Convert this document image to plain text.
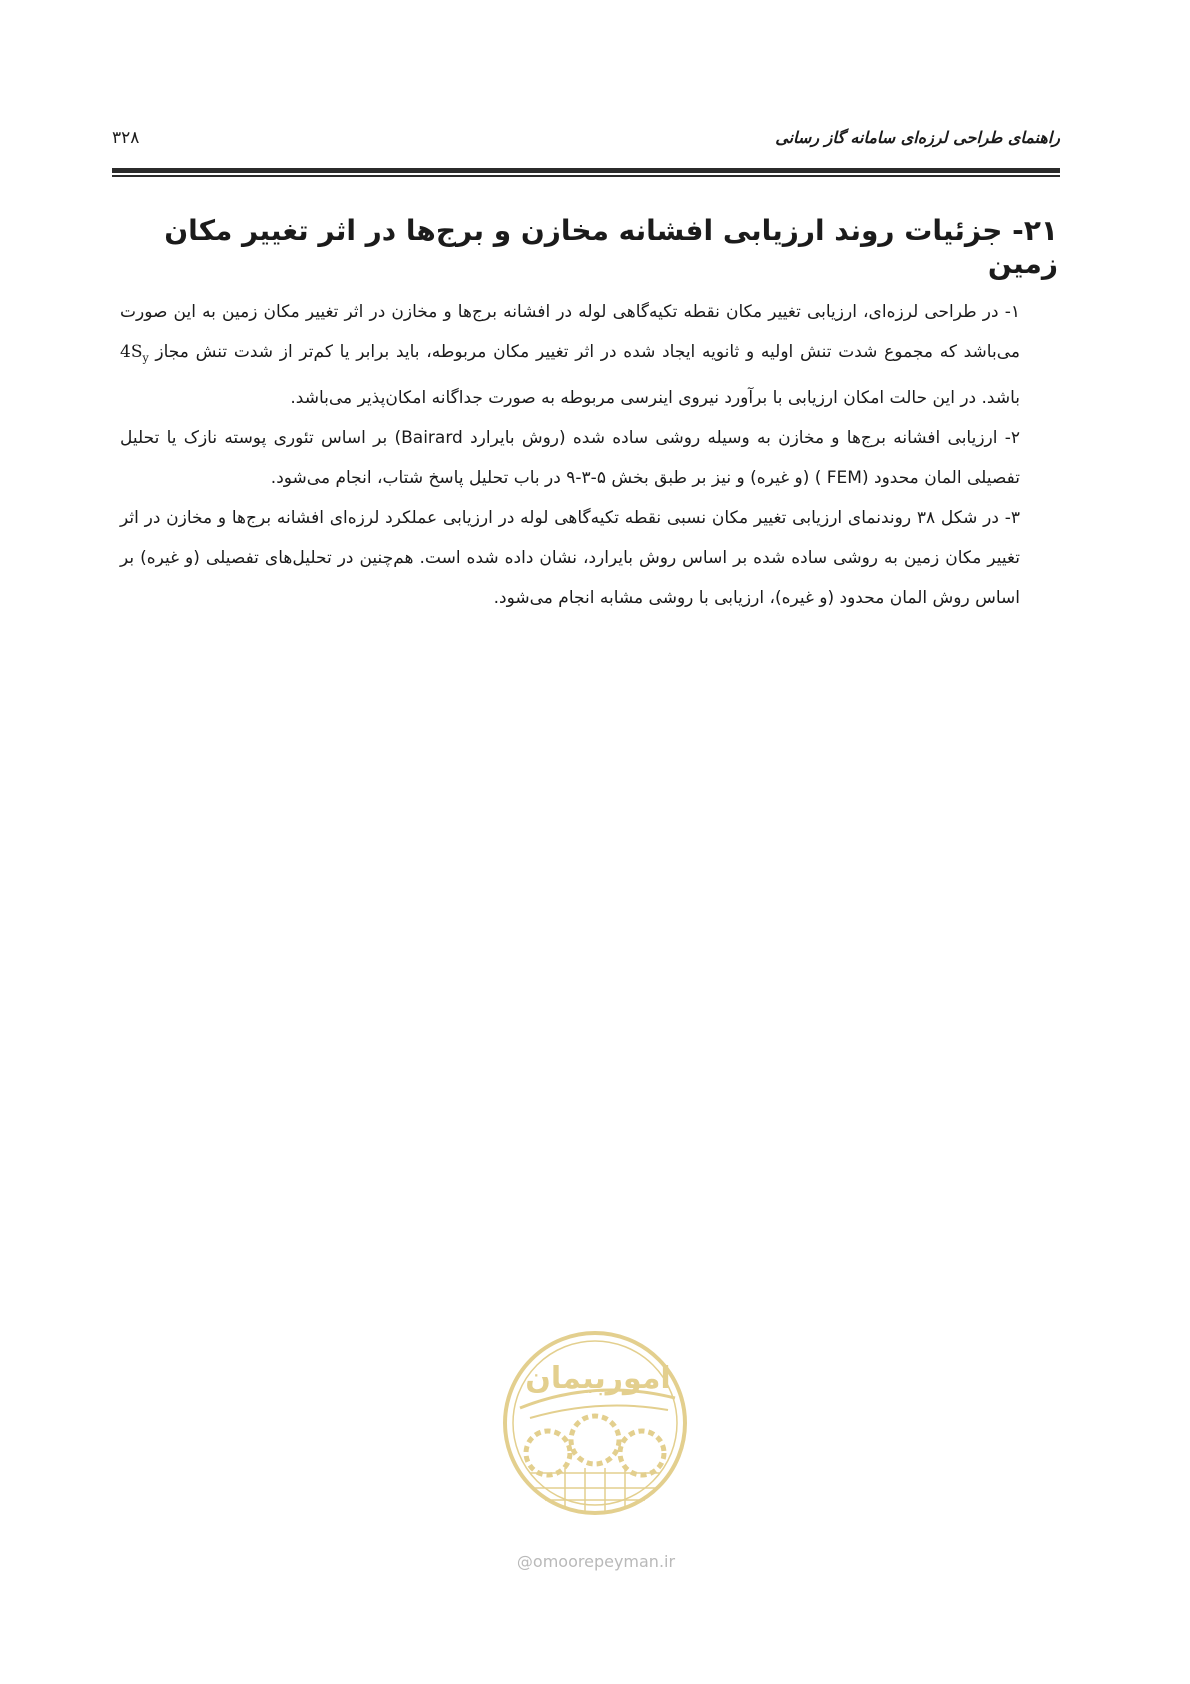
راهنمای طراحی لرزه‌ای سامانه گاز رسانی
۳۲۸
۲۱- جزئیات روند ارزیابی افشانه مخازن و برج‌ها در اثر تغییر مکان زمین

۱- در طراحی لرزه‌ای، ارزیابی تغییر مکان نقطه تکیه‌گاهی لوله در افشانه برج‌ها و مخازن در اثر تغییر مکان زمین به این صورت می‌باشد که مجموع شدت تنش اولیه و ثانویه ایجاد شده در اثر تغییر مکان مربوطه، باید برابر یا کم‌تر از شدت تنش مجاز $4S_y$ باشد. در این حالت امکان ارزیابی با برآورد نیروی اینرسی مربوطه به صورت جداگانه امکان‌پذیر می‌باشد.

۲- ارزیابی افشانه برج‌ها و مخازن به وسیله روشی ساده شده (روش بایرارد Bairard) بر اساس تئوری پوسته نازک یا تحلیل تفصیلی المان محدود (FEM ) (و غیره) و نیز بر طبق بخش ۵-۳-۹ در باب تحلیل پاسخ شتاب، انجام می‌شود.

۳- در شکل ۳۸ روندنمای ارزیابی تغییر مکان نسبی نقطه تکیه‌گاهی لوله در ارزیابی عملکرد لرزه‌ای افشانه برج‌ها و مخازن در اثر تغییر مکان زمین به روشی ساده شده بر اساس روش بایرارد، نشان داده شده است. هم‌چنین در تحلیل‌های تفصیلی (و غیره) بر اساس روش المان محدود (و غیره)، ارزیابی با روشی مشابه انجام می‌شود.

امورپیمان
@omoorepeyman.ir
